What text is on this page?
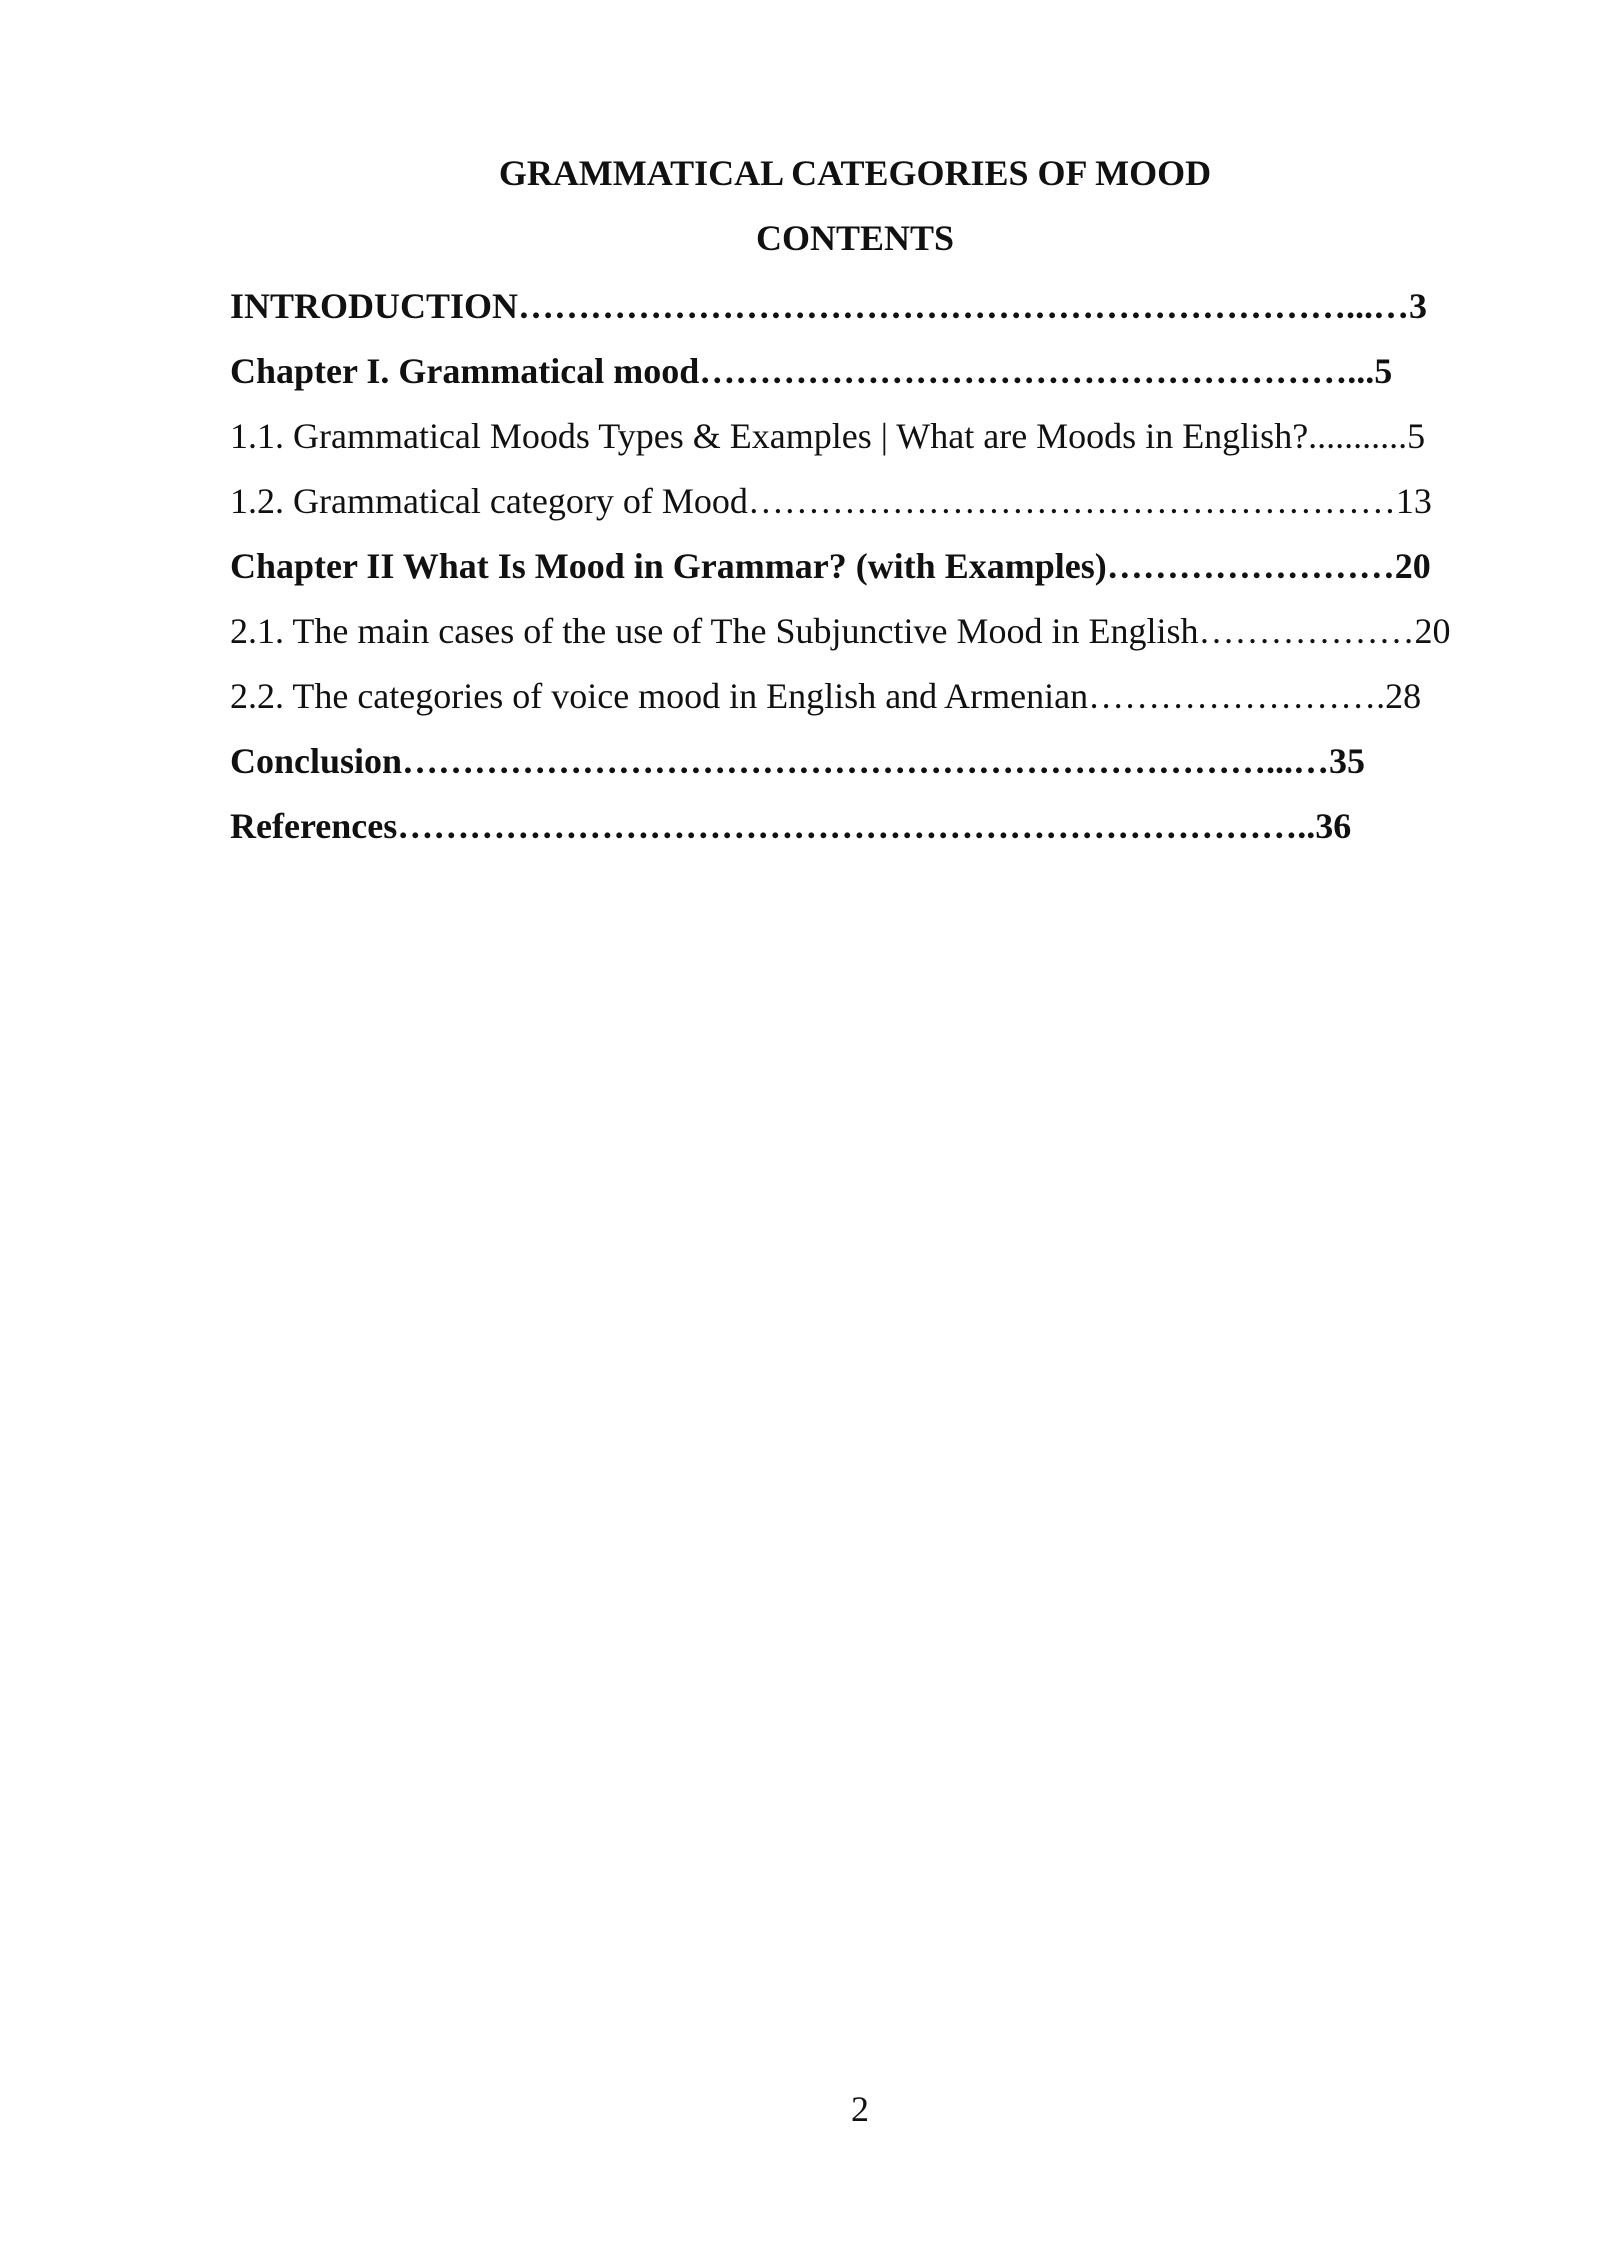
GRAMMATICAL CATEGORIES OF MOOD
CONTENTS
INTRODUCTION……………………………………………………………...…3
Chapter I. Grammatical mood………………………………………………...5
1.1. Grammatical Moods Types & Examples | What are Moods in English?...........5
1.2. Grammatical category of Mood………………………………………………13
Chapter II What Is Mood in Grammar? (with Examples)……………………20
2.1. The main cases of the use of The Subjunctive Mood in English………………20
2.2. The categories of voice mood in English and Armenian…………………….28
Conclusion………………………………………………………………...…35
References…………………………………………………………………..36
2
